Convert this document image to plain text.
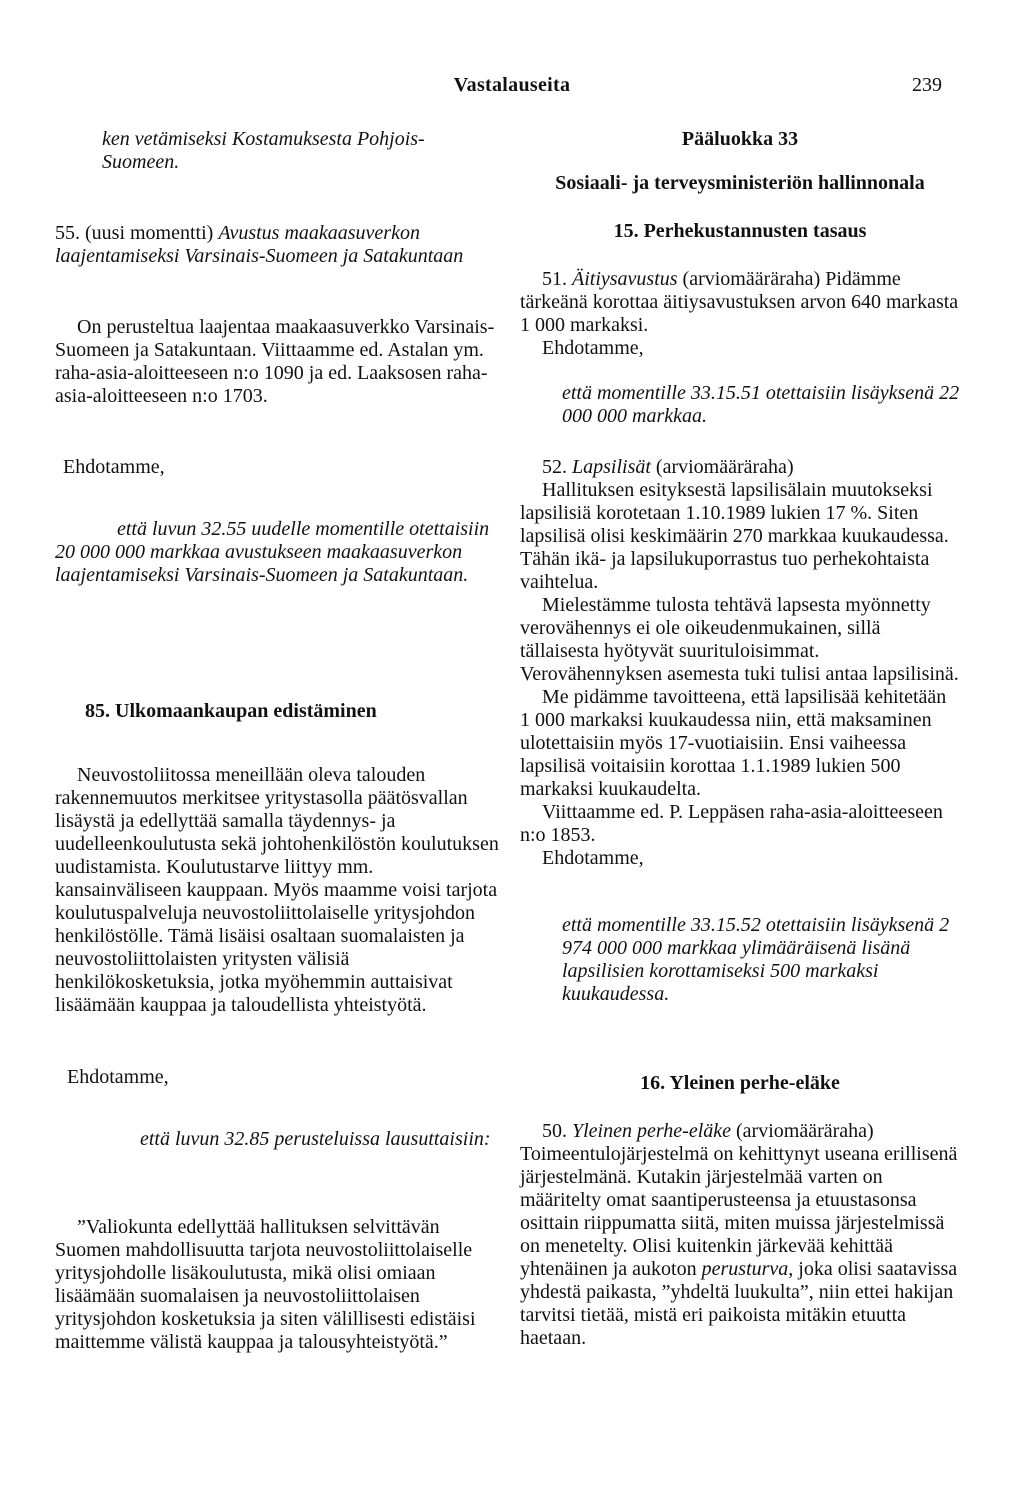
Vastalauseita	239

ken vetämiseksi Kostamuksesta Pohjois-Suomeen.

55. (uusi momentti) Avustus maakaasuverkon laajentamiseksi Varsinais-Suomeen ja Satakuntaan

On perusteltua laajentaa maakaasuverkko Varsinais-Suomeen ja Satakuntaan. Viittaamme ed. Astalan ym. raha-asia-aloitteeseen n:o 1090 ja ed. Laaksosen raha-asia-aloitteeseen n:o 1703.

Ehdotamme,

että luvun 32.55 uudelle momentille otettaisiin 20 000 000 markkaa avustukseen maakaasuverkon laajentamiseksi Varsinais-Suomeen ja Satakuntaan.

85. Ulkomaankaupan edistäminen

Neuvostoliitossa meneillään oleva talouden rakennemuutos merkitsee yritystasolla päätösvallan lisäystä ja edellyttää samalla täydennys- ja uudelleenkoulutusta sekä johtohenkilöstön koulutuksen uudistamista. Koulutustarve liittyy mm. kansainväliseen kauppaan. Myös maamme voisi tarjota koulutuspalveluja neuvostoliittolaiselle yritysjohdon henkilöstölle. Tämä lisäisi osaltaan suomalaisten ja neuvostoliittolaisten yritysten välisiä henkilökosketuksia, jotka myöhemmin auttaisivat lisäämään kauppaa ja taloudellista yhteistyötä.

Ehdotamme,

että luvun 32.85 perusteluissa lausuttaisiin:

”Valiokunta edellyttää hallituksen selvittävän Suomen mahdollisuutta tarjota neuvostoliittolaiselle yritysjohdolle lisäkoulutusta, mikä olisi omiaan lisäämään suomalaisen ja neuvostoliittolaisen yritysjohdon kosketuksia ja siten välillisesti edistäisi maittemme välistä kauppaa ja talousyhteistyötä.”

Pääluokka 33

Sosiaali- ja terveysministeriön hallinnonala

15. Perhekustannusten tasaus

51. Äitiysavustus (arviomääräraha) Pidämme tärkeänä korottaa äitiysavustuksen arvon 640 markasta 1 000 markaksi.

Ehdotamme,

että momentille 33.15.51 otettaisiin lisäyksenä 22 000 000 markkaa.

52. Lapsilisät (arviomääräraha)

Hallituksen esityksestä lapsilisälain muutokseksi lapsilisiä korotetaan 1.10.1989 lukien 17 %. Siten lapsilisä olisi keskimäärin 270 markkaa kuukaudessa. Tähän ikä- ja lapsilukuporrastus tuo perhekohtaista vaihtelua.

Mielestämme tulosta tehtävä lapsesta myönnetty verovähennys ei ole oikeudenmukainen, sillä tällaisesta hyötyvät suurituloisimmat. Verovähennyksen asemesta tuki tulisi antaa lapsilisinä.

Me pidämme tavoitteena, että lapsilisää kehitetään 1 000 markaksi kuukaudessa niin, että maksaminen ulotettaisiin myös 17-vuotiaisiin. Ensi vaiheessa lapsilisä voitaisiin korottaa 1.1.1989 lukien 500 markaksi kuukaudelta.

Viittaamme ed. P. Leppäsen raha-asia-aloitteeseen n:o 1853.

Ehdotamme,

että momentille 33.15.52 otettaisiin lisäyksenä 2 974 000 000 markkaa ylimääräisenä lisänä lapsilisien korottamiseksi 500 markaksi kuukaudessa.

16. Yleinen perhe-eläke

50. Yleinen perhe-eläke (arviomääräraha) Toimeentulojärjestelmä on kehittynyt useana erillisenä järjestelmänä. Kutakin järjestelmää varten on määritelty omat saantiperusteensa ja etuustasonsa osittain riippumatta siitä, miten muissa järjestelmissä on menetelty. Olisi kuitenkin järkevää kehittää yhtenäinen ja aukoton perusturva, joka olisi saatavissa yhdestä paikasta, ”yhdeltä luukulta”, niin ettei hakijan tarvitsi tietää, mistä eri paikoista mitäkin etuutta haetaan.
